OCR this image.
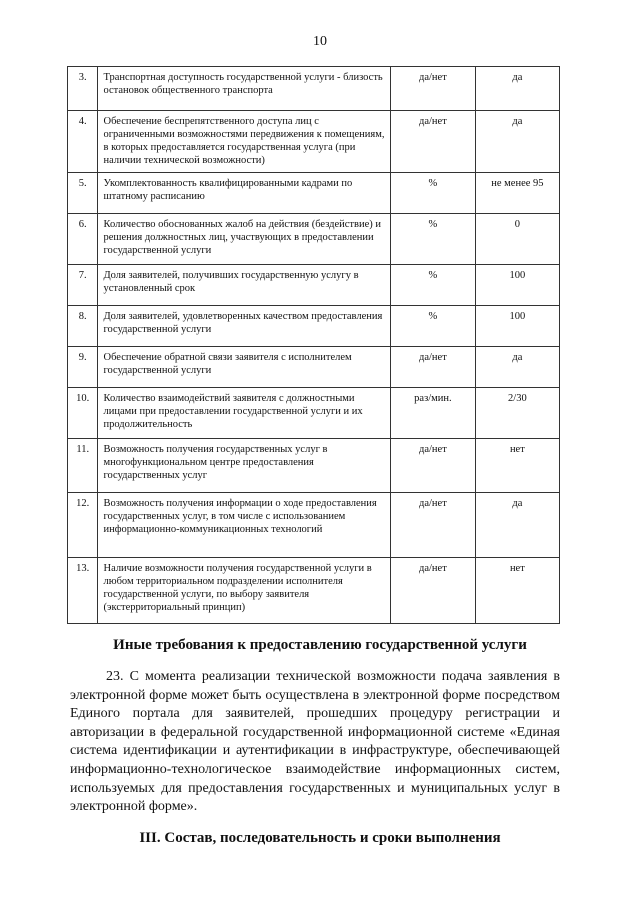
10
3.	Транспортная доступность государственной услуги - близость остановок общественного транспорта	да/нет	да
4.	Обеспечение беспрепятственного доступа лиц с ограниченными возможностями передвижения к помещениям, в которых предоставляется государственная услуга (при наличии технической возможности)	да/нет	да
5.	Укомплектованность квалифицированными кадрами по штатному расписанию	%	не менее 95
6.	Количество обоснованных жалоб на действия (бездействие) и решения должностных лиц, участвующих в предоставлении государственной услуги	%	0
7.	Доля заявителей, получивших государственную услугу в установленный срок	%	100
8.	Доля заявителей, удовлетворенных качеством предоставления государственной услуги	%	100
9.	Обеспечение обратной связи заявителя с исполнителем государственной услуги	да/нет	да
10.	Количество взаимодействий заявителя с должностными лицами при предоставлении государственной услуги и их продолжительность	раз/мин.	2/30
11.	Возможность получения государственных услуг в многофункциональном центре предоставления государственных услуг	да/нет	нет
12.	Возможность получения информации о ходе предоставления государственных услуг, в том числе с использованием информационно-коммуникационных технологий	да/нет	да
13.	Наличие возможности получения государственной услуги в любом территориальном подразделении исполнителя государственной услуги, по выбору заявителя (экстерриториальный принцип)	да/нет	нет
Иные требования к предоставлению государственной услуги
23. С момента реализации технической возможности подача заявления в электронной форме может быть осуществлена в электронной форме посредством Единого портала для заявителей, прошедших процедуру регистрации и авторизации в федеральной государственной информационной системе «Единая система идентификации и аутентификации в инфраструктуре, обеспечивающей информационно-технологическое взаимодействие информационных систем, используемых для предоставления государственных и муниципальных услуг в электронной форме».
III. Состав, последовательность и сроки выполнения
